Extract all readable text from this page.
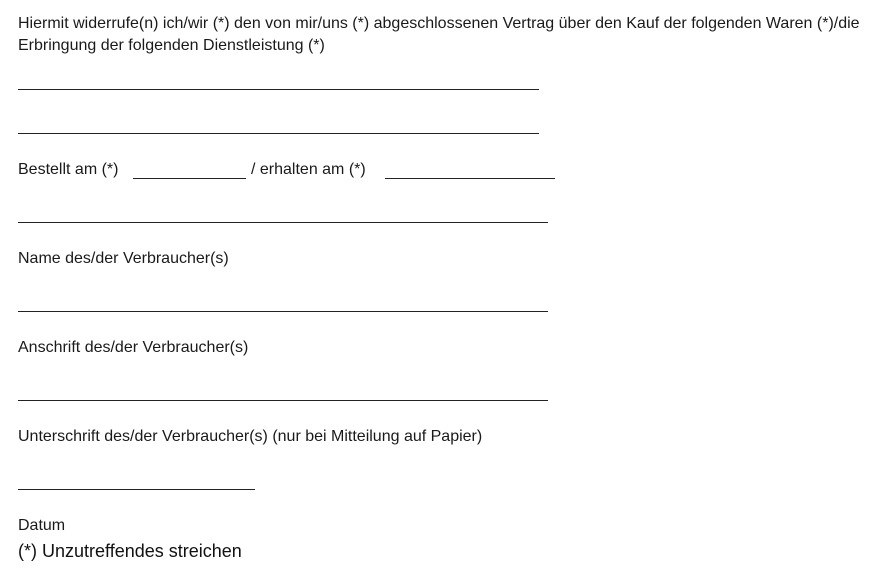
Hiermit widerrufe(n) ich/wir (*) den von mir/uns (*) abgeschlossenen Vertrag über den Kauf der folgenden Waren (*)/die Erbringung der folgenden Dienstleistung (*)
Bestellt am (*)	/ erhalten am (*)
Name des/der Verbraucher(s)
Anschrift des/der Verbraucher(s)
Unterschrift des/der Verbraucher(s) (nur bei Mitteilung auf Papier)
Datum
(*) Unzutreffendes streichen
